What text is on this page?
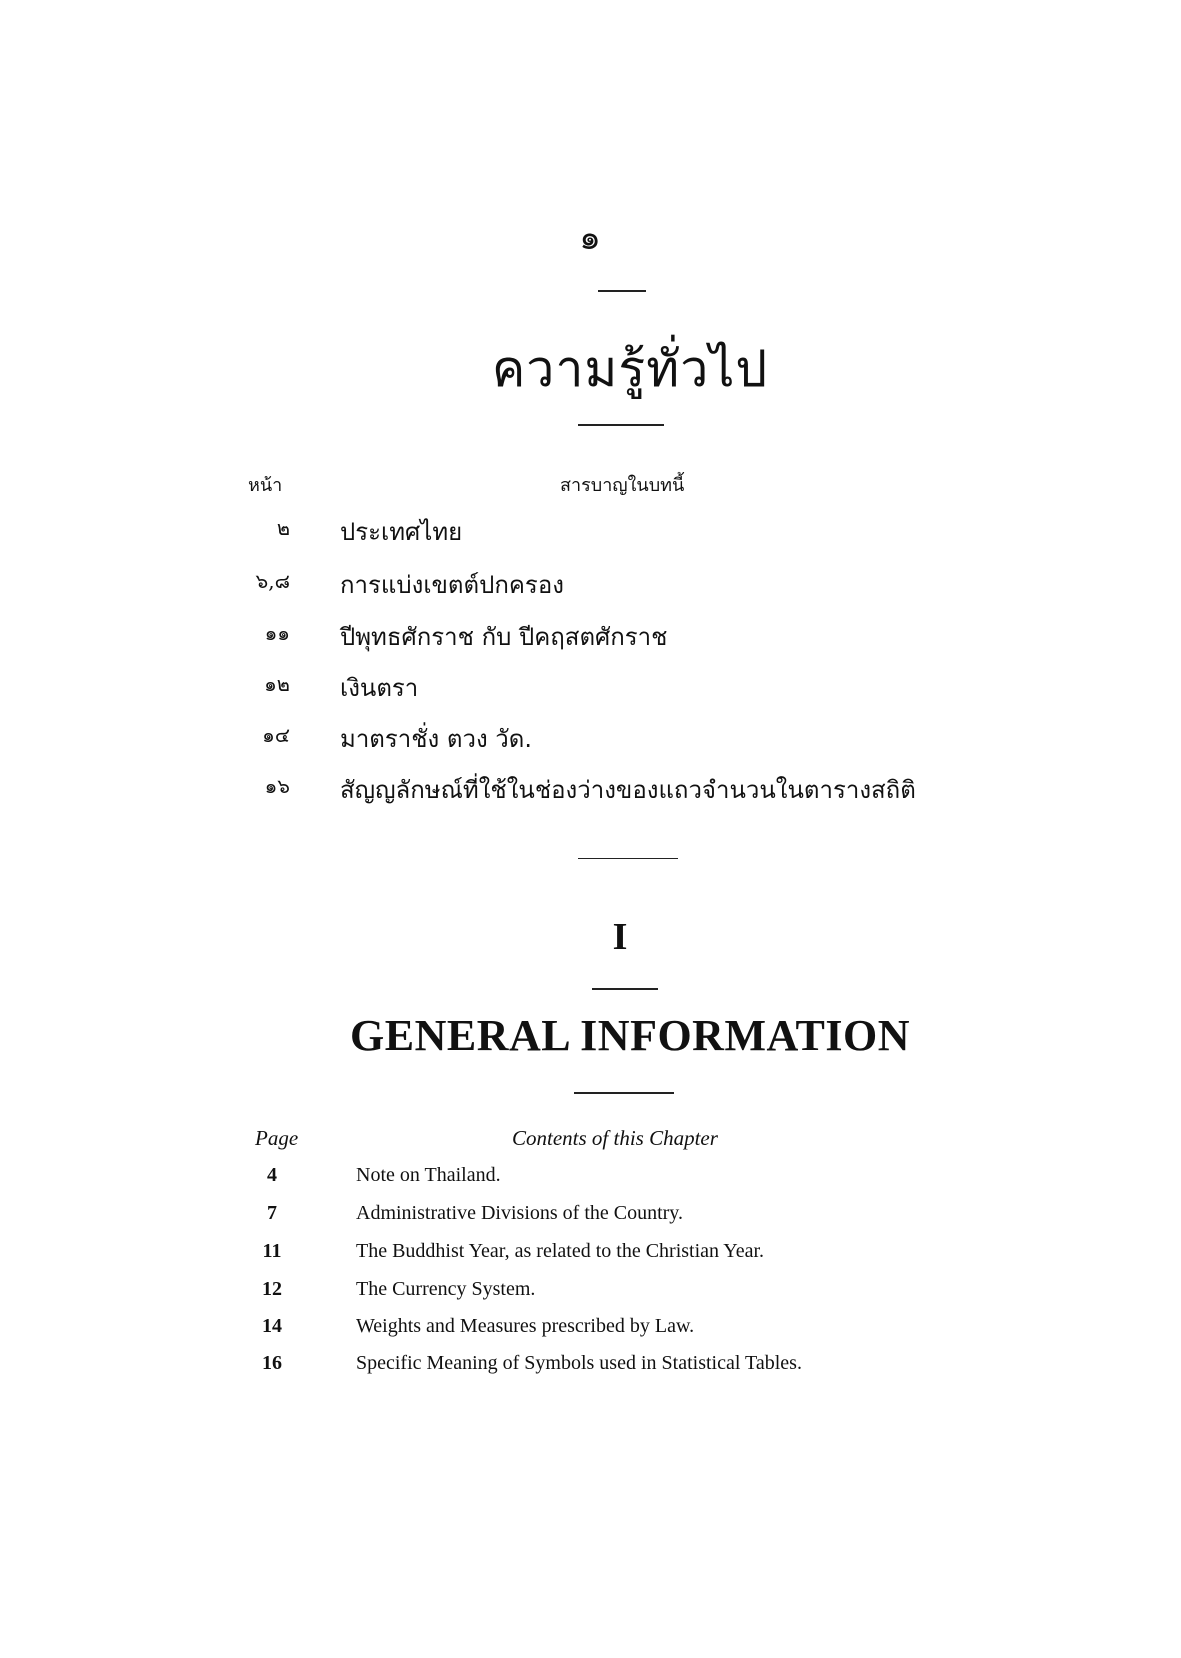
๑
ความรู้ทั่วไป
หน้า	สารบาญในบทนี้
๒ ประเทศไทย
๖,๘ การแบ่งเขตต์ปกครอง
๑๑ ปีพุทธศักราช กับ ปีคฤสตศักราช
๑๒ เงินตรา
๑๔ มาตราชั่ง ตวง วัด.
๑๖ สัญญลักษณ์ที่ใช้ในช่องว่างของแถวจำนวนในตารางสถิติ
I
GENERAL INFORMATION
Page	Contents of this Chapter
4	Note on Thailand.
7	Administrative Divisions of the Country.
11	The Buddhist Year, as related to the Christian Year.
12	The Currency System.
14	Weights and Measures prescribed by Law.
16	Specific Meaning of Symbols used in Statistical Tables.
